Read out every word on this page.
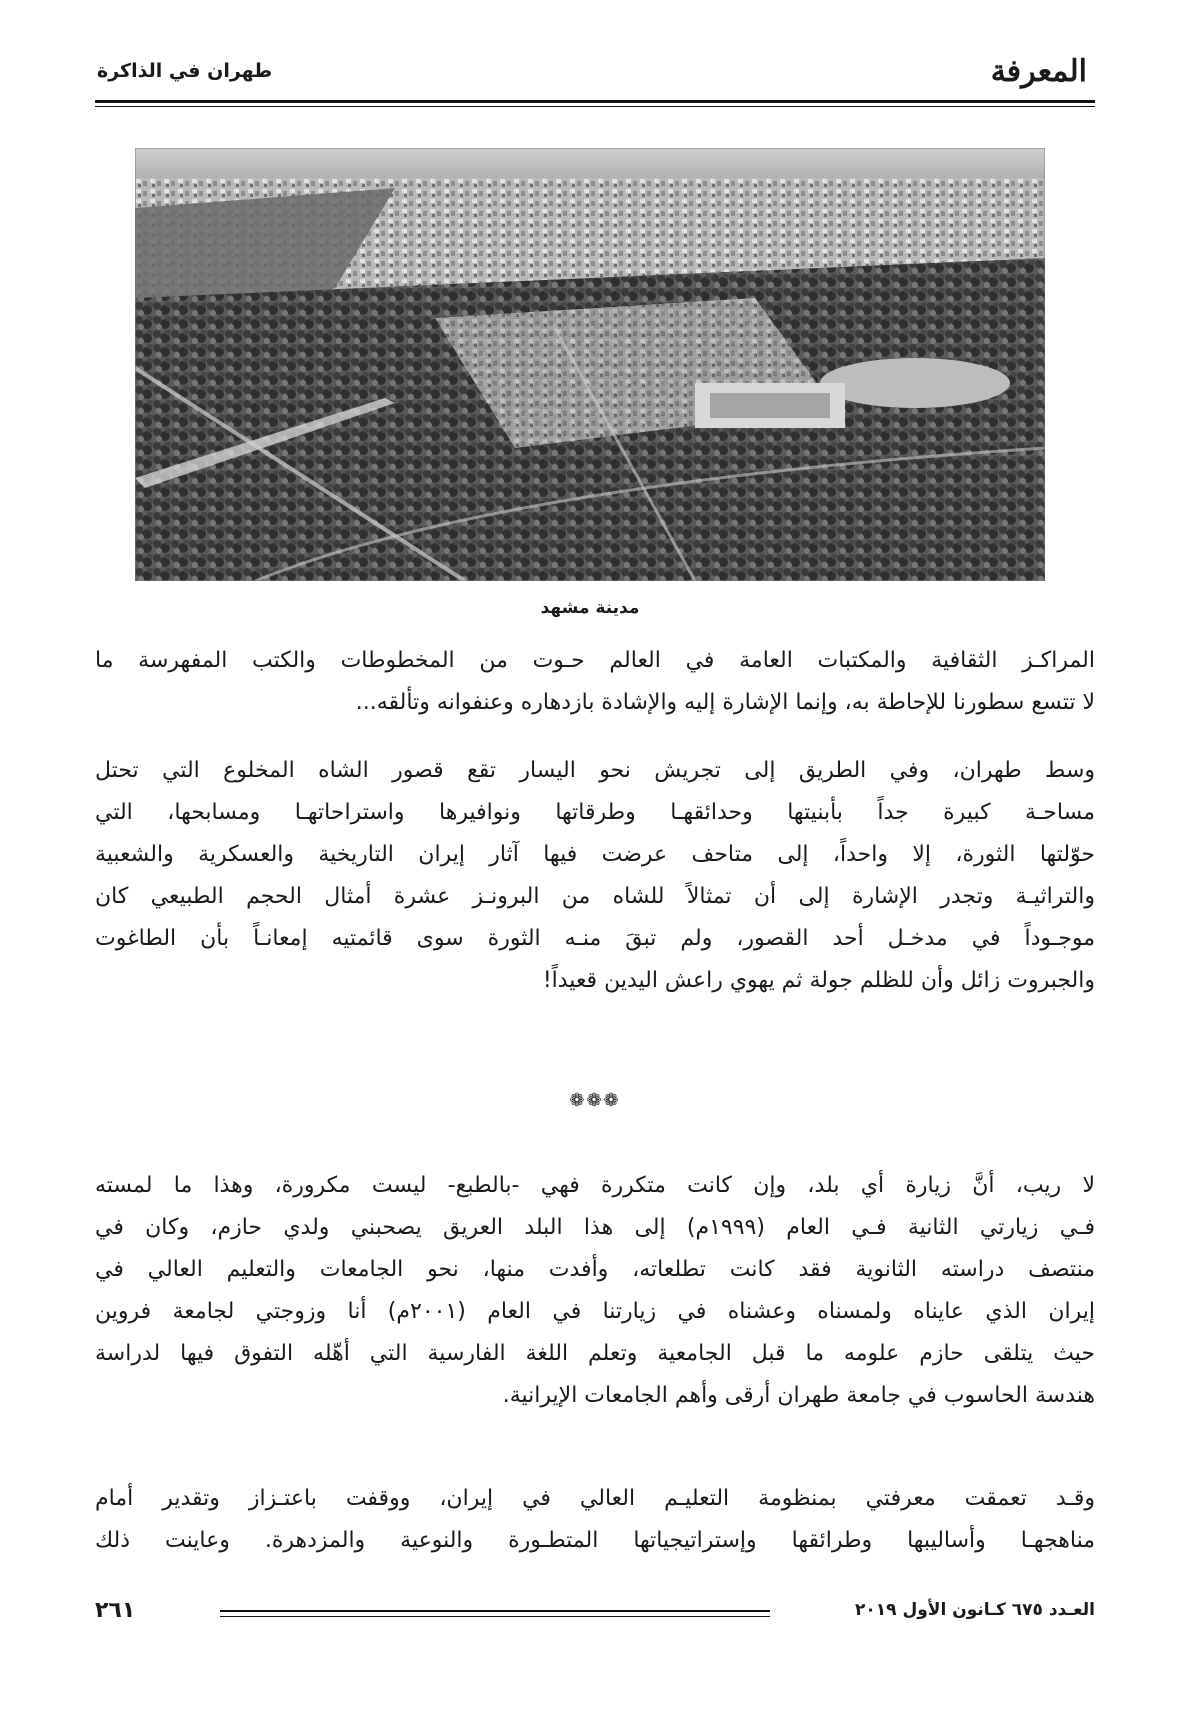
المعرفة
طهران في الذاكرة
مدينة مشهد
المراكـز الثقافية والمكتبات العامة في العالم حـوت من المخطوطات والكتب المفهرسة ما
لا تتسع سطورنا للإحاطة به، وإنما الإشارة إليه والإشادة بازدهاره وعنفوانه وتألقه...
وسط طهران، وفي الطريق إلى تجريش نحو اليسار تقع قصور الشاه المخلوع التي تحتل
مساحـة كبيرة جداً بأبنيتها وحدائقهـا وطرقاتها ونوافيرها واستراحاتهـا ومسابحها، التي
حوّلتها الثورة، إلا واحداً، إلى متاحف عرضت فيها آثار إيران التاريخية والعسكرية والشعبية
والتراثيـة وتجدر الإشارة إلى أن تمثالاً للشاه من البرونـز عشرة أمثال الحجم الطبيعي كان
موجـوداً في مدخـل أحد القصور، ولم تبقَ منـه الثورة سوى قائمتيه إمعانـاً بأن الطاغوت
والجبروت زائل وأن للظلم جولة ثم يهوي راعش اليدين قعيداً!
❁❁❁
لا ريب، أنَّ زيارة أي بلد، وإن كانت متكررة فهي -بالطبع- ليست مكرورة، وهذا ما لمسته
فـي زيارتي الثانية فـي العام (١٩٩٩م) إلى هذا البلد العريق يصحبني ولدي حازم، وكان في
منتصف دراسته الثانوية فقد كانت تطلعاته، وأفدت منها، نحو الجامعات والتعليم العالي في
إيران الذي عايناه ولمسناه وعشناه في زيارتنا في العام (٢٠٠١م) أنا وزوجتي لجامعة فروين
حيث يتلقى حازم علومه ما قبل الجامعية وتعلم اللغة الفارسية التي أهّله التفوق فيها لدراسة
هندسة الحاسوب في جامعة طهران أرقى وأهم الجامعات الإيرانية.
وقـد تعمقت معرفتي بمنظومة التعليـم العالي في إيران، ووقفت باعتـزاز وتقدير أمام
مناهجهـا وأساليبها وطرائقها وإستراتيجياتها المتطـورة والنوعية والمزدهرة. وعاينت ذلك
العـدد ٦٧٥ كـانون الأول ٢٠١٩
٢٦١
